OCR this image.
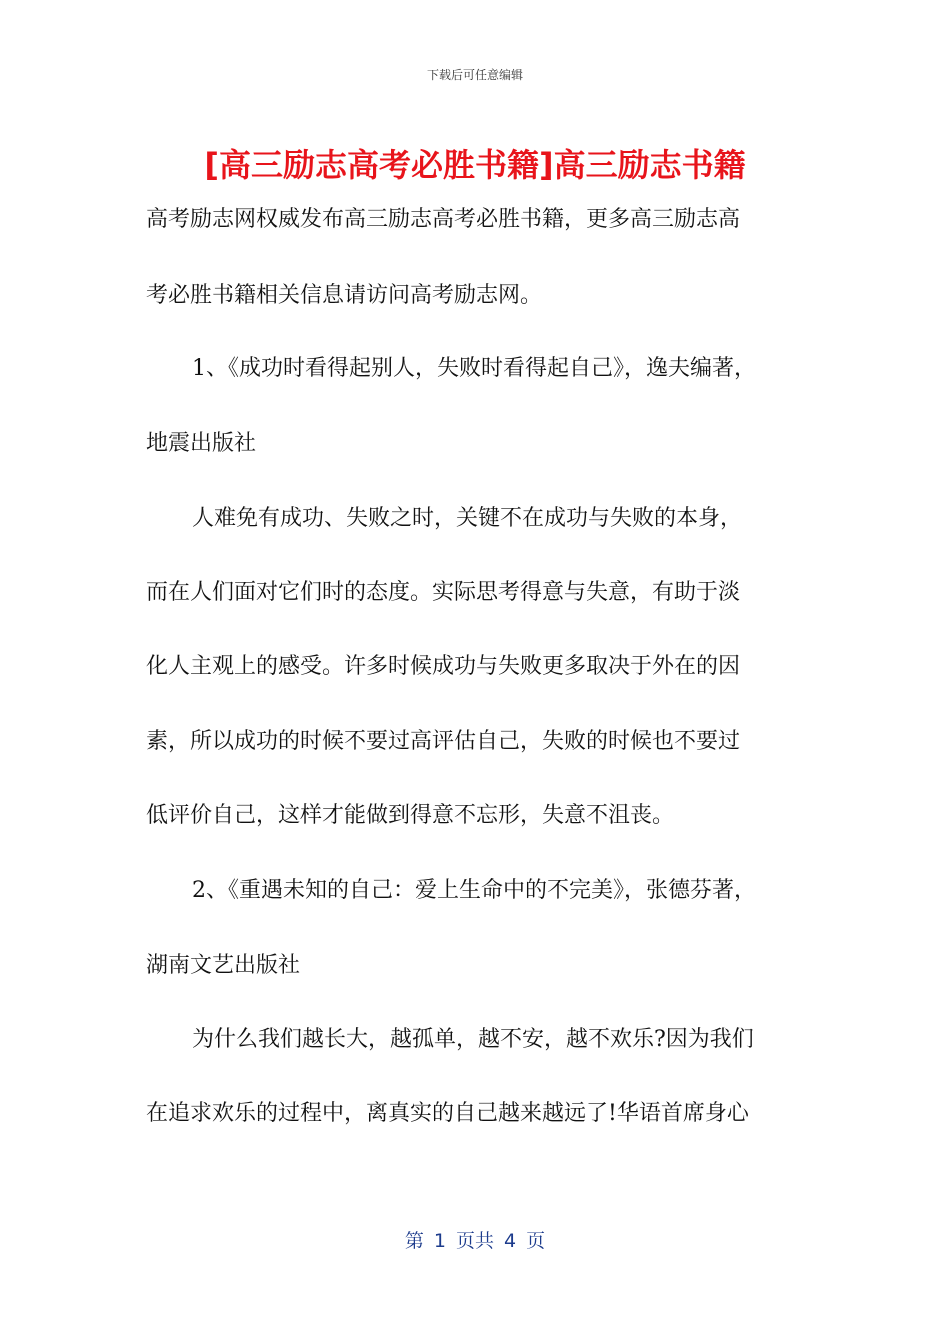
下载后可任意编辑
[高三励志高考必胜书籍]高三励志书籍
高考励志网权威发布高三励志高考必胜书籍，更多高三励志高
考必胜书籍相关信息请访问高考励志网。
1、《成功时看得起别人，失败时看得起自己》，逸夫编著，
地震出版社
人难免有成功、失败之时，关键不在成功与失败的本身，
而在人们面对它们时的态度。实际思考得意与失意，有助于淡
化人主观上的感受。许多时候成功与失败更多取决于外在的因
素，所以成功的时候不要过高评估自己，失败的时候也不要过
低评价自己，这样才能做到得意不忘形，失意不沮丧。
2、《重遇未知的自己：爱上生命中的不完美》，张德芬著，
湖南文艺出版社
为什么我们越长大，越孤单，越不安，越不欢乐?因为我们
在追求欢乐的过程中，离真实的自己越来越远了!华语首席身心
第 1 页共 4 页
